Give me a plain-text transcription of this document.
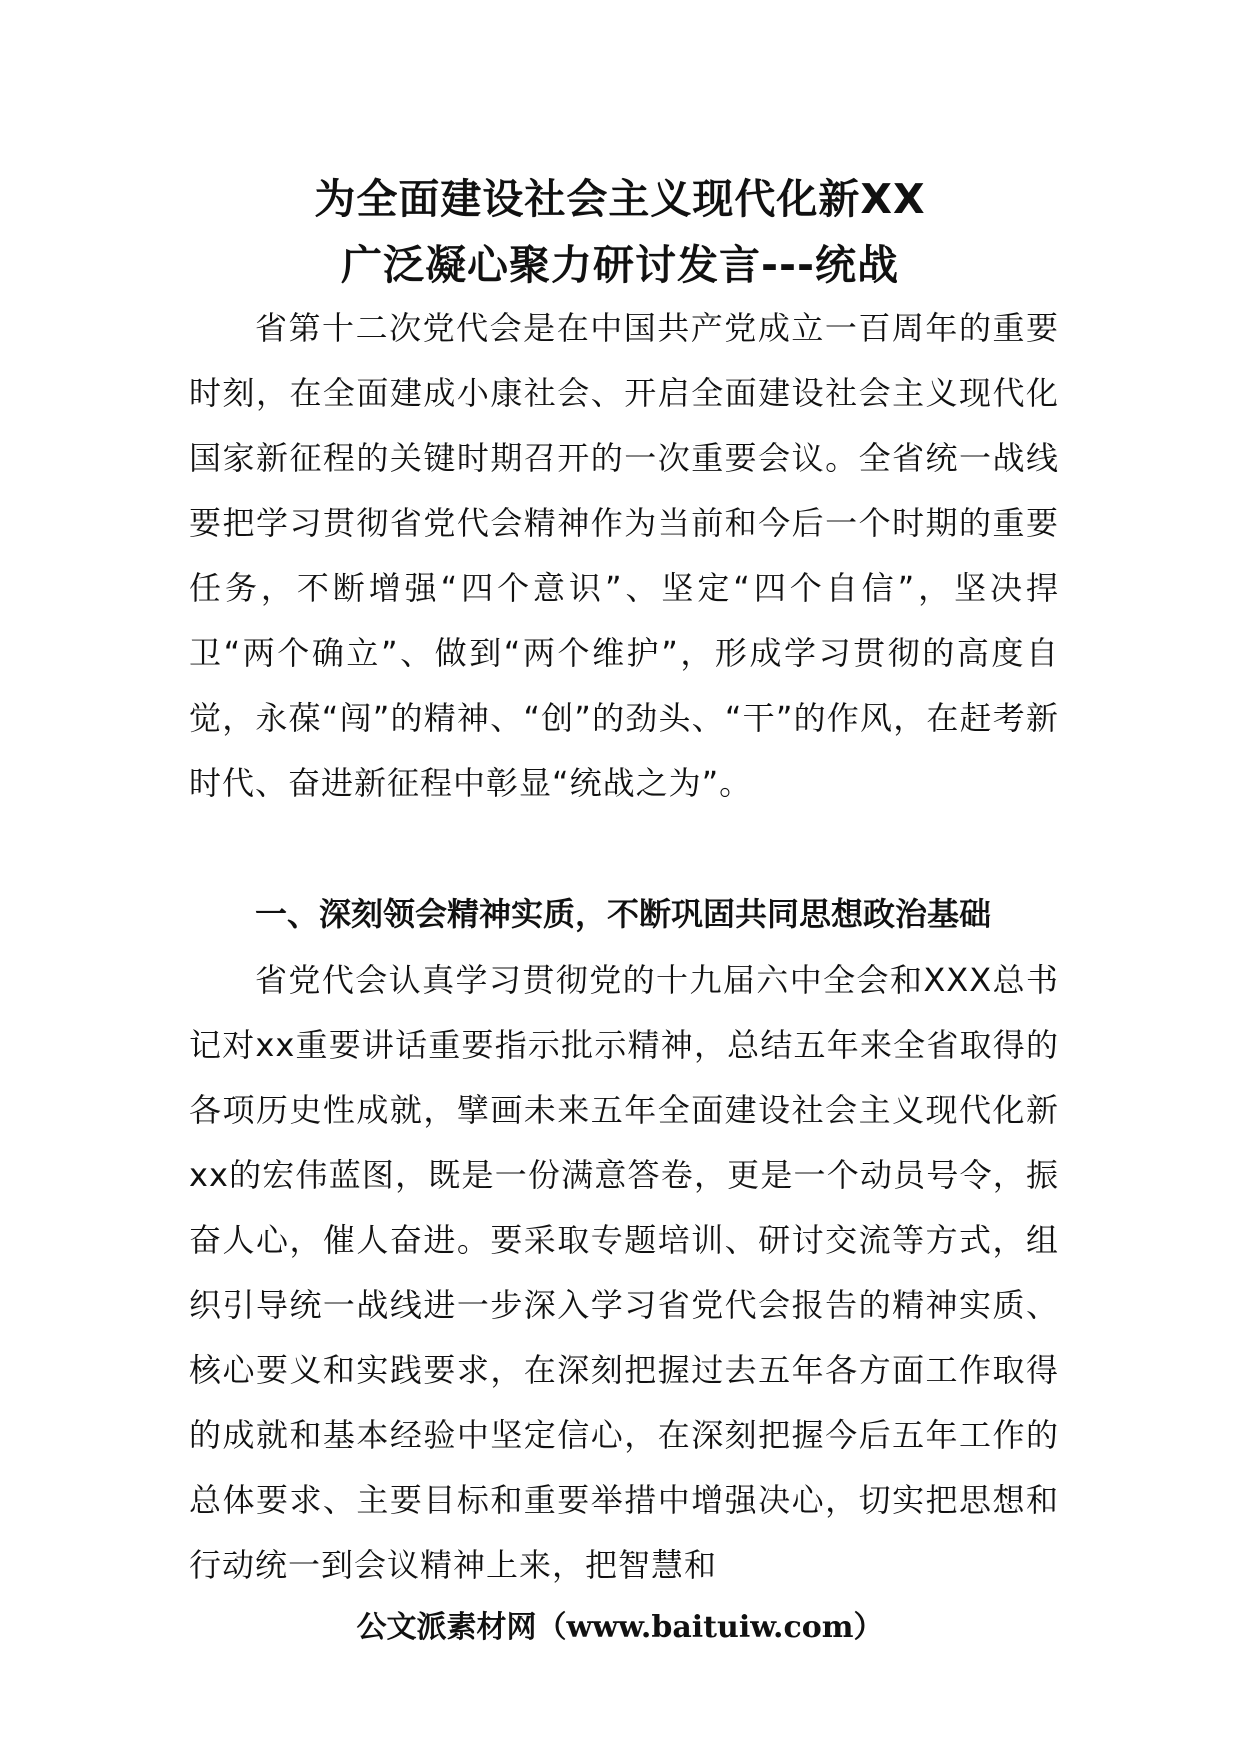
为全面建设社会主义现代化新XX
广泛凝心聚力研讨发言---统战

省第十二次党代会是在中国共产党成立一百周年的重要时刻，在全面建成小康社会、开启全面建设社会主义现代化国家新征程的关键时期召开的一次重要会议。全省统一战线要把学习贯彻省党代会精神作为当前和今后一个时期的重要任务，不断增强“四个意识”、坚定“四个自信”，坚决捍卫“两个确立”、做到“两个维护”，形成学习贯彻的高度自觉，永葆“闯”的精神、“创”的劲头、“干”的作风，在赶考新时代、奋进新征程中彰显“统战之为”。

一、深刻领会精神实质，不断巩固共同思想政治基础

省党代会认真学习贯彻党的十九届六中全会和XXX总书记对xx重要讲话重要指示批示精神，总结五年来全省取得的各项历史性成就，擘画未来五年全面建设社会主义现代化新xx的宏伟蓝图，既是一份满意答卷，更是一个动员号令，振奋人心，催人奋进。要采取专题培训、研讨交流等方式，组织引导统一战线进一步深入学习省党代会报告的精神实质、核心要义和实践要求，在深刻把握过去五年各方面工作取得的成就和基本经验中坚定信心，在深刻把握今后五年工作的总体要求、主要目标和重要举措中增强决心，切实把思想和行动统一到会议精神上来，把智慧和

公文派素材网（www.baituiw.com）
